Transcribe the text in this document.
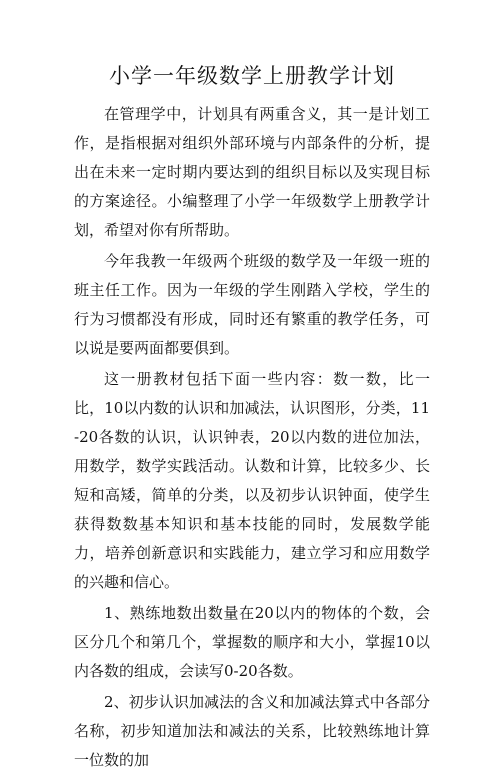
小学一年级数学上册教学计划

在管理学中，计划具有两重含义，其一是计划工作，是指根据对组织外部环境与内部条件的分析，提出在未来一定时期内要达到的组织目标以及实现目标的方案途径。小编整理了小学一年级数学上册教学计划，希望对你有所帮助。

今年我教一年级两个班级的数学及一年级一班的班主任工作。因为一年级的学生刚踏入学校，学生的行为习惯都没有形成，同时还有繁重的教学任务，可以说是要两面都要俱到。

这一册教材包括下面一些内容：数一数，比一比，10以内数的认识和加减法，认识图形，分类，11-20各数的认识，认识钟表，20以内数的进位加法，用数学，数学实践活动。认数和计算，比较多少、长短和高矮，简单的分类，以及初步认识钟面，使学生获得数数基本知识和基本技能的同时，发展数学能力，培养创新意识和实践能力，建立学习和应用数学的兴趣和信心。

1、熟练地数出数量在20以内的物体的个数，会区分几个和第几个，掌握数的顺序和大小，掌握10以内各数的组成，会读写0-20各数。

2、初步认识加减法的含义和加减法算式中各部分名称，初步知道加法和减法的关系，比较熟练地计算一位数的加
